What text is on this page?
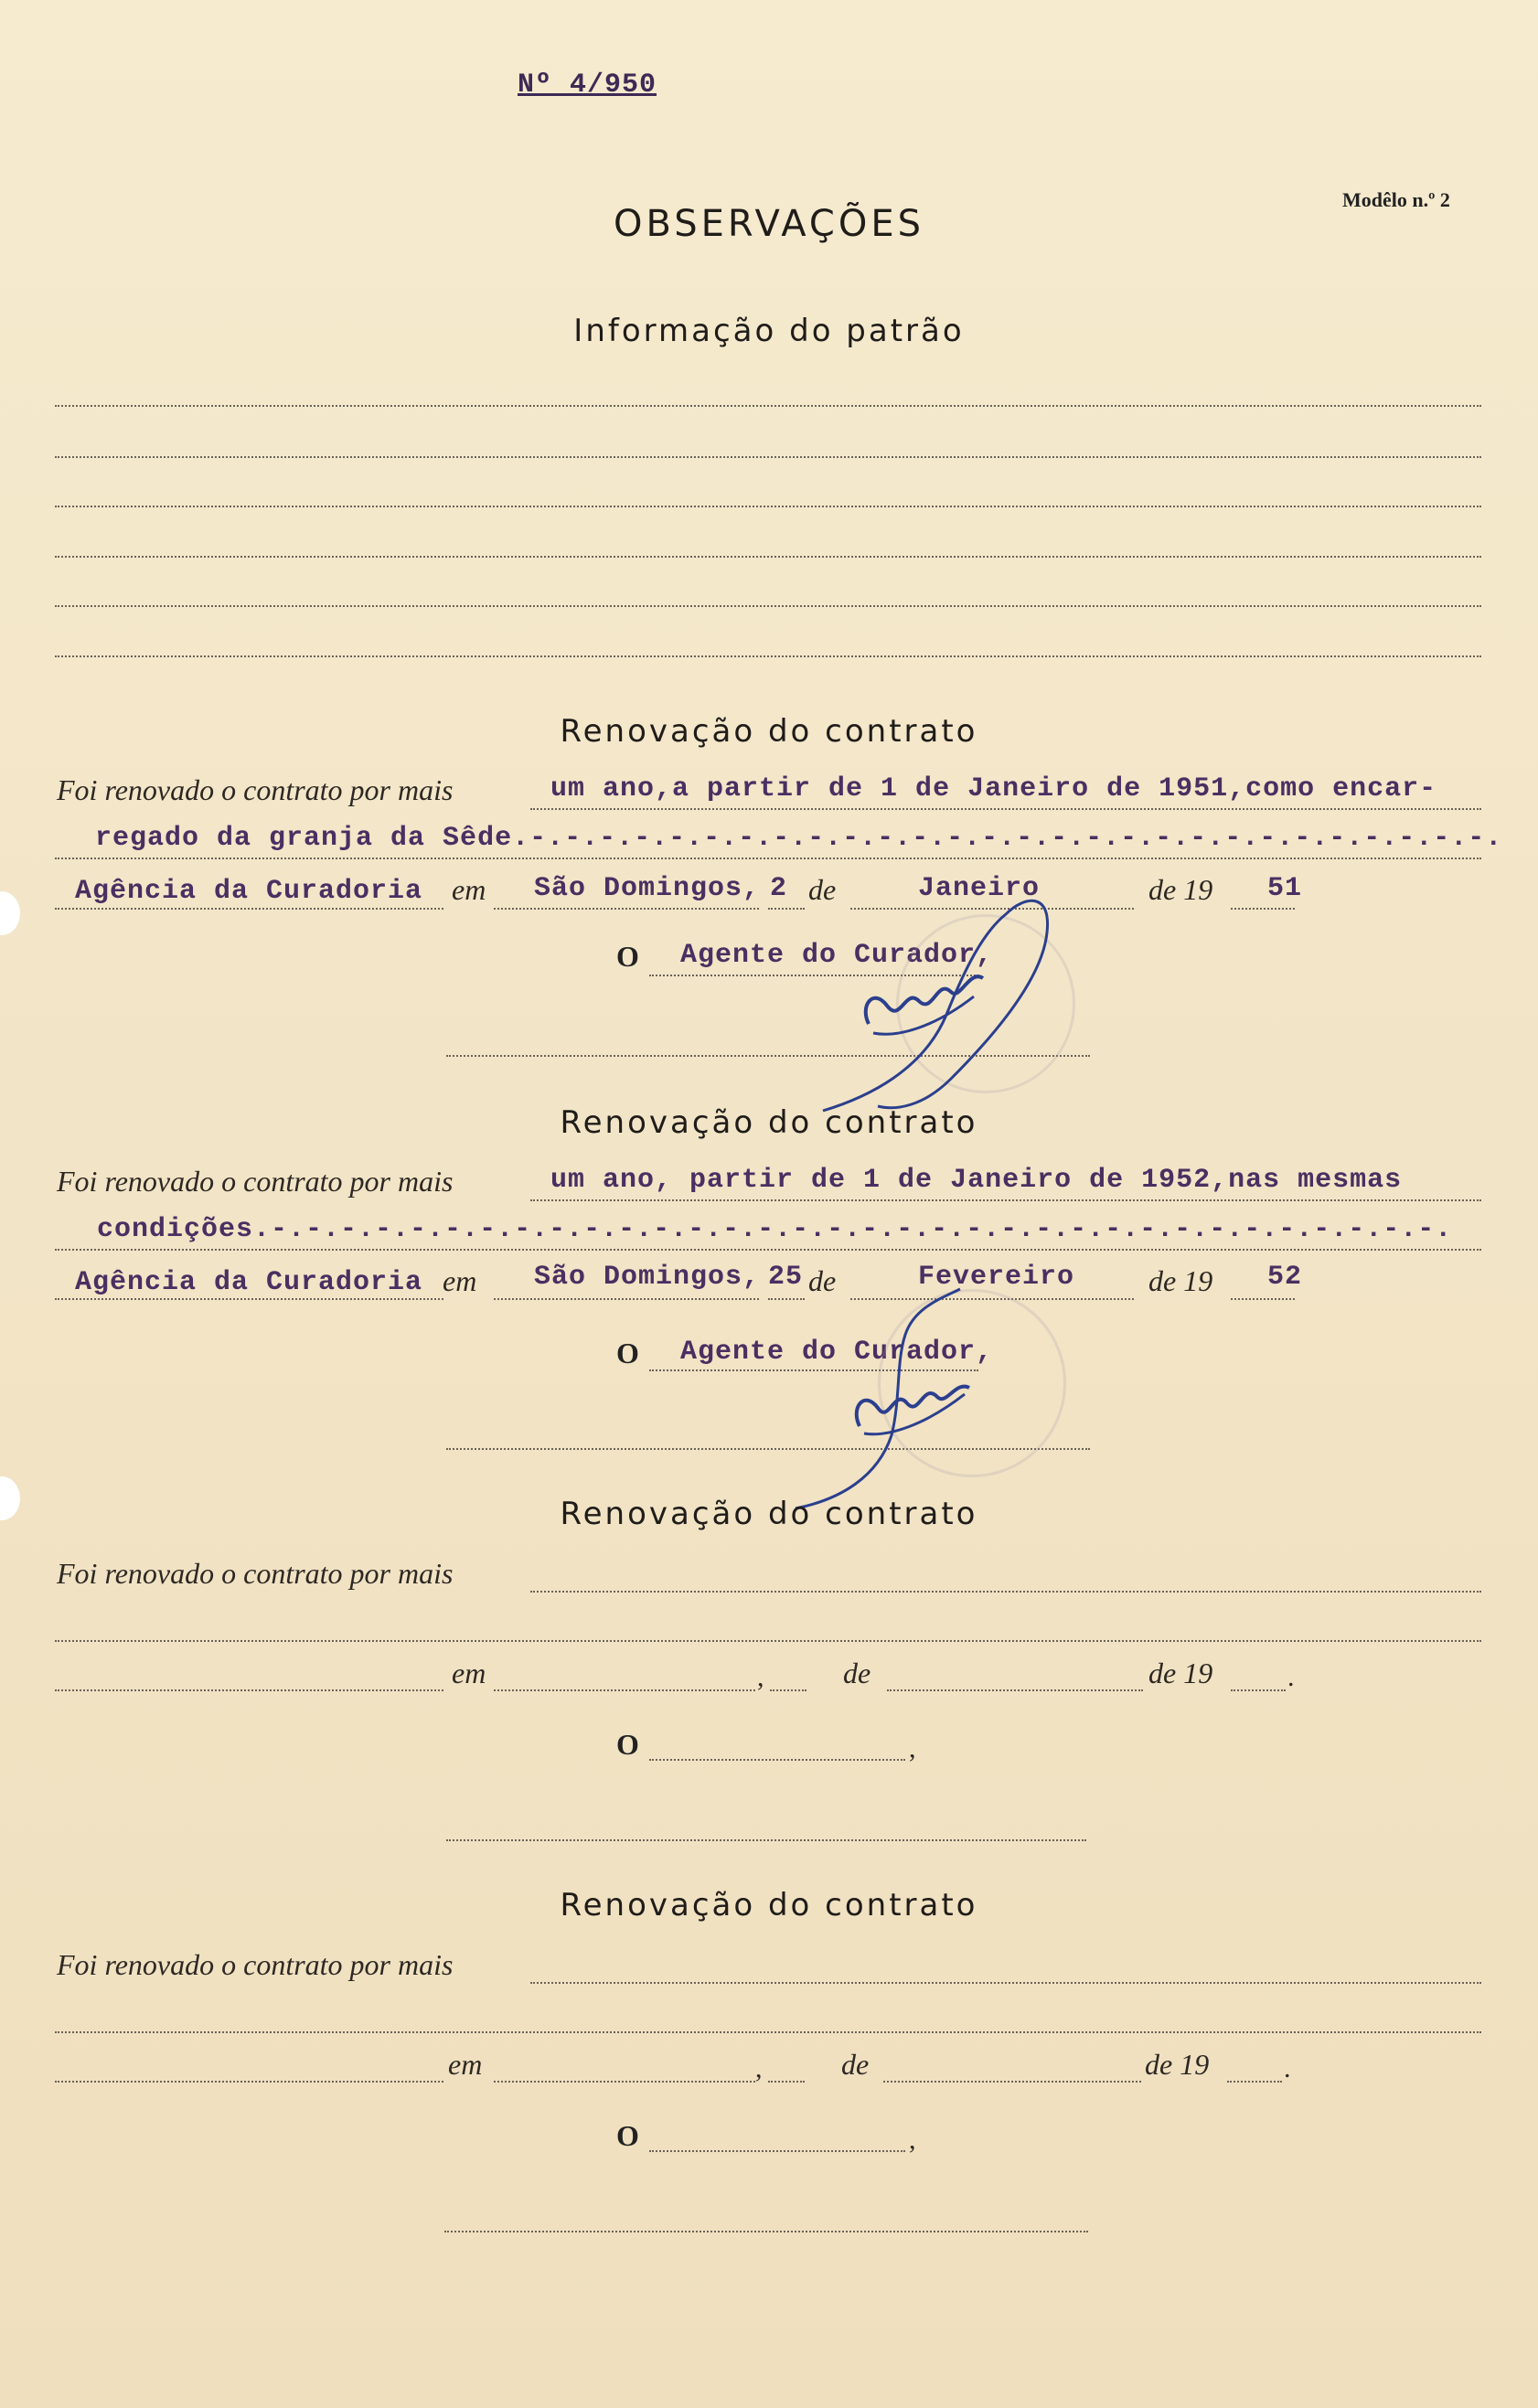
Nº 4/950
OBSERVAÇÕES
Modêlo n.º 2
Informação do patrão
Renovação do contrato
Foi renovado o contrato por mais	um ano,a partir de 1 de Janeiro de 1951,como encar-
regado da granja da Sêde.-.-.-.-.-.-.-.-.-.-.-.-.-.-.-.-.-.-.-.-.-.-.-.-.-.-.-.-.
Agência da Curadoria em São Domingos, 2 de	Janeiro	de 19 51
O Agente do Curador,
Renovação do contrato
Foi renovado o contrato por mais	um ano, partir de 1 de Janeiro de 1952,nas mesmas
condições.-.-.-.-.-.-.-.-.-.-.-.-.-.-.-.-.-.-.-.-.-.-.-.-.-.-.-.-.-.-.-.-.-.-.
Agência da Curadoria em São Domingos, 25 de	Fevereiro	de 19 52
O Agente do Curador,
Renovação do contrato
Foi renovado o contrato por mais
em	,	de	de 19	.
O	,
Renovação do contrato
Foi renovado o contrato por mais
em	,	de	de 19	.
O	,
